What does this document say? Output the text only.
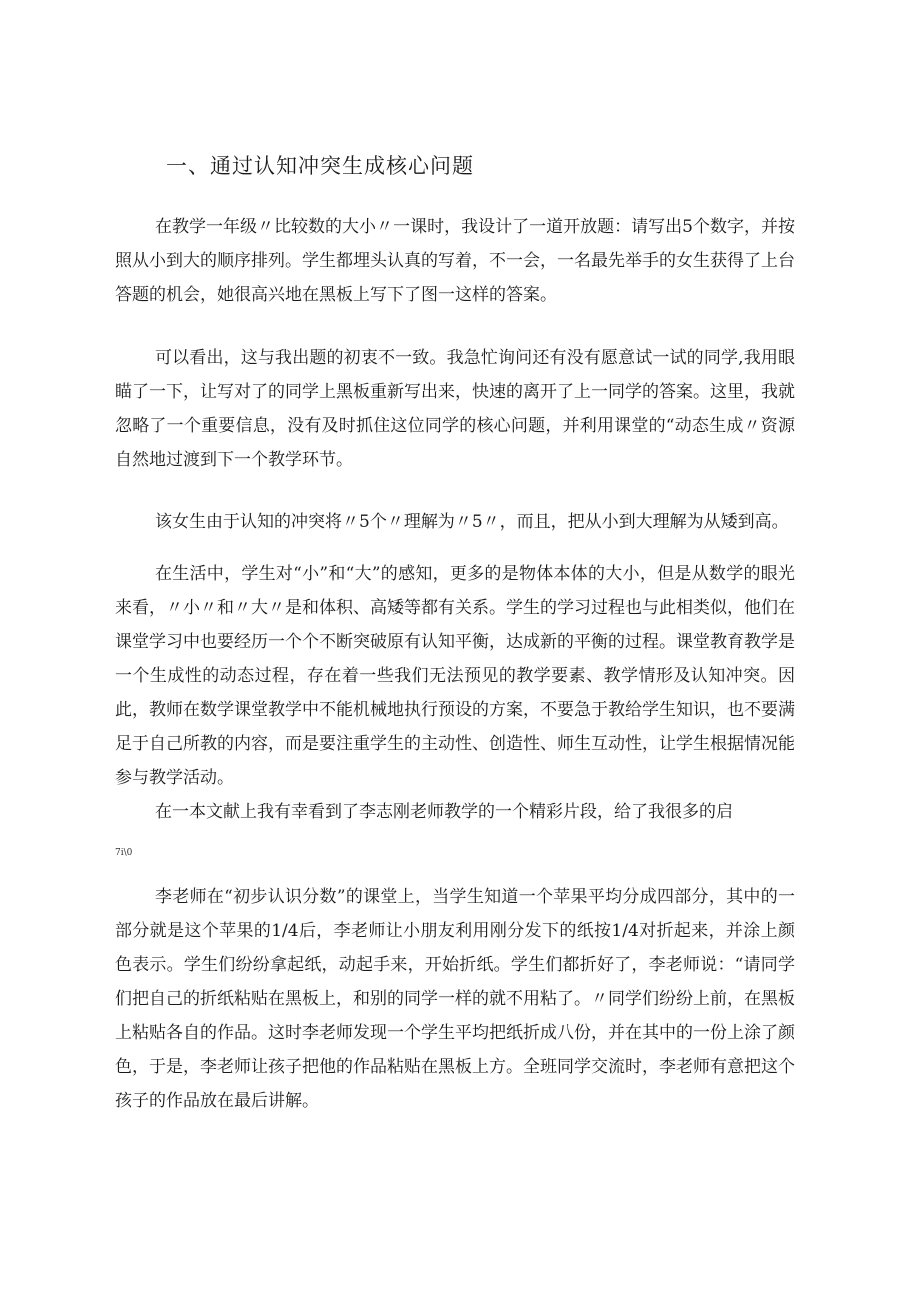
一、通过认知冲突生成核心问题

在教学一年级〃比较数的大小〃一课时，我设计了一道开放题：请写出5个数字，并按照从小到大的顺序排列。学生都埋头认真的写着，不一会，一名最先举手的女生获得了上台答题的机会，她很高兴地在黑板上写下了图一这样的答案。

可以看出，这与我出题的初衷不一致。我急忙询问还有没有愿意试一试的同学,我用眼瞄了一下，让写对了的同学上黑板重新写出来，快速的离开了上一同学的答案。这里，我就忽略了一个重要信息，没有及时抓住这位同学的核心问题，并利用课堂的“动态生成〃资源自然地过渡到下一个教学环节。

该女生由于认知的冲突将〃5个〃理解为〃5〃，而且，把从小到大理解为从矮到高。

在生活中，学生对“小”和“大”的感知，更多的是物体本体的大小，但是从数学的眼光来看，〃小〃和〃大〃是和体积、高矮等都有关系。学生的学习过程也与此相类似，他们在课堂学习中也要经历一个个不断突破原有认知平衡，达成新的平衡的过程。课堂教育教学是一个生成性的动态过程，存在着一些我们无法预见的教学要素、教学情形及认知冲突。因此，教师在数学课堂教学中不能机械地执行预设的方案，不要急于教给学生知识，也不要满足于自己所教的内容，而是要注重学生的主动性、创造性、师生互动性，让学生根据情况能参与教学活动。

在一本文献上我有幸看到了李志刚老师教学的一个精彩片段，给了我很多的启

7i\0

李老师在“初步认识分数”的课堂上，当学生知道一个苹果平均分成四部分，其中的一部分就是这个苹果的1/4后，李老师让小朋友利用刚分发下的纸按1/4对折起来，并涂上颜色表示。学生们纷纷拿起纸，动起手来，开始折纸。学生们都折好了，李老师说：“请同学们把自己的折纸粘贴在黑板上，和别的同学一样的就不用粘了。〃同学们纷纷上前，在黑板上粘贴各自的作品。这时李老师发现一个学生平均把纸折成八份，并在其中的一份上涂了颜色，于是，李老师让孩子把他的作品粘贴在黑板上方。全班同学交流时，李老师有意把这个孩子的作品放在最后讲解。
